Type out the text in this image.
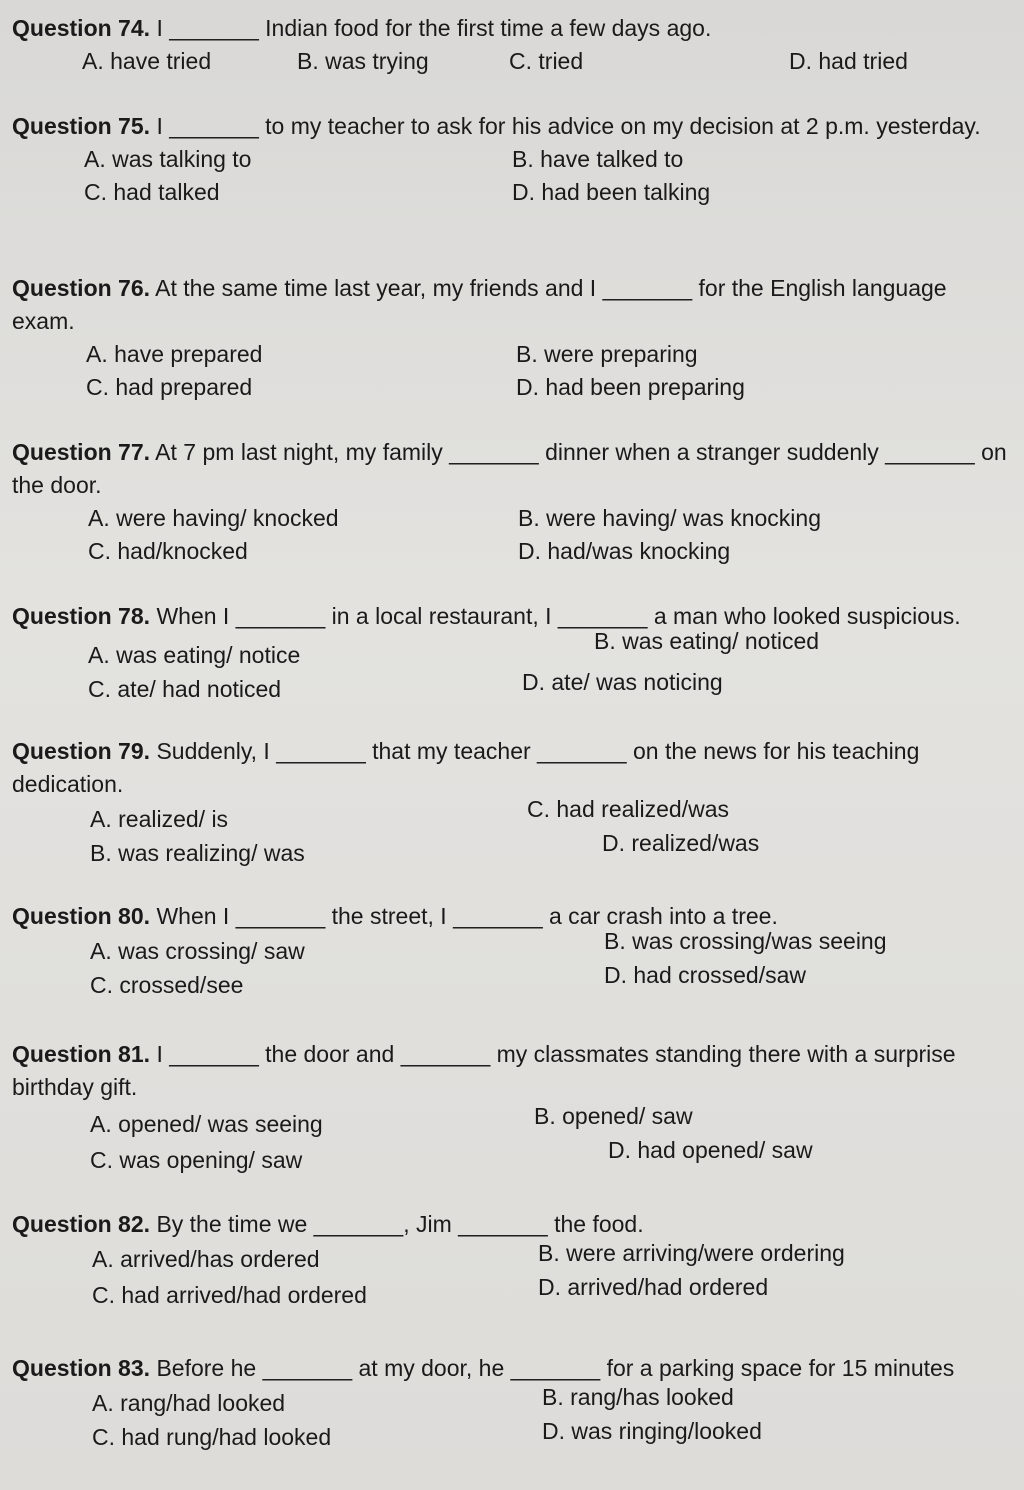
Question 74. I _______ Indian food for the first time a few days ago.
A. have tried	B. was trying	C. tried	D. had tried
Question 75. I _______ to my teacher to ask for his advice on my decision at 2 p.m. yesterday.
A. was talking to	B. have talked to
C. had talked	D. had been talking
Question 76. At the same time last year, my friends and I _______ for the English language exam.
A. have prepared	B. were preparing
C. had prepared	D. had been preparing
Question 77. At 7 pm last night, my family _______ dinner when a stranger suddenly _______ on the door.
A. were having/ knocked	B. were having/ was knocking
C. had/knocked	D. had/was knocking
Question 78. When I _______ in a local restaurant, I _______ a man who looked suspicious.
A. was eating/ notice
B. was eating/ noticed
C. ate/ had noticed	D. ate/ was noticing
Question 79. Suddenly, I _______ that my teacher _______ on the news for his teaching dedication.
A. realized/ is	C. had realized/was
B. was realizing/ was	D. realized/was
Question 80. When I _______ the street, I _______ a car crash into a tree.
A. was crossing/ saw	B. was crossing/was seeing
C. crossed/see	D. had crossed/saw
Question 81. I _______ the door and _______ my classmates standing there with a surprise birthday gift.
A. opened/ was seeing	B. opened/ saw
C. was opening/ saw	D. had opened/ saw
Question 82. By the time we _______, Jim _______ the food.
A. arrived/has ordered	B. were arriving/were ordering
C. had arrived/had ordered	D. arrived/had ordered
Question 83. Before he _______ at my door, he _______ for a parking space for 15 minutes
A. rang/had looked	B. rang/has looked
C. had rung/had looked	D. was ringing/looked
